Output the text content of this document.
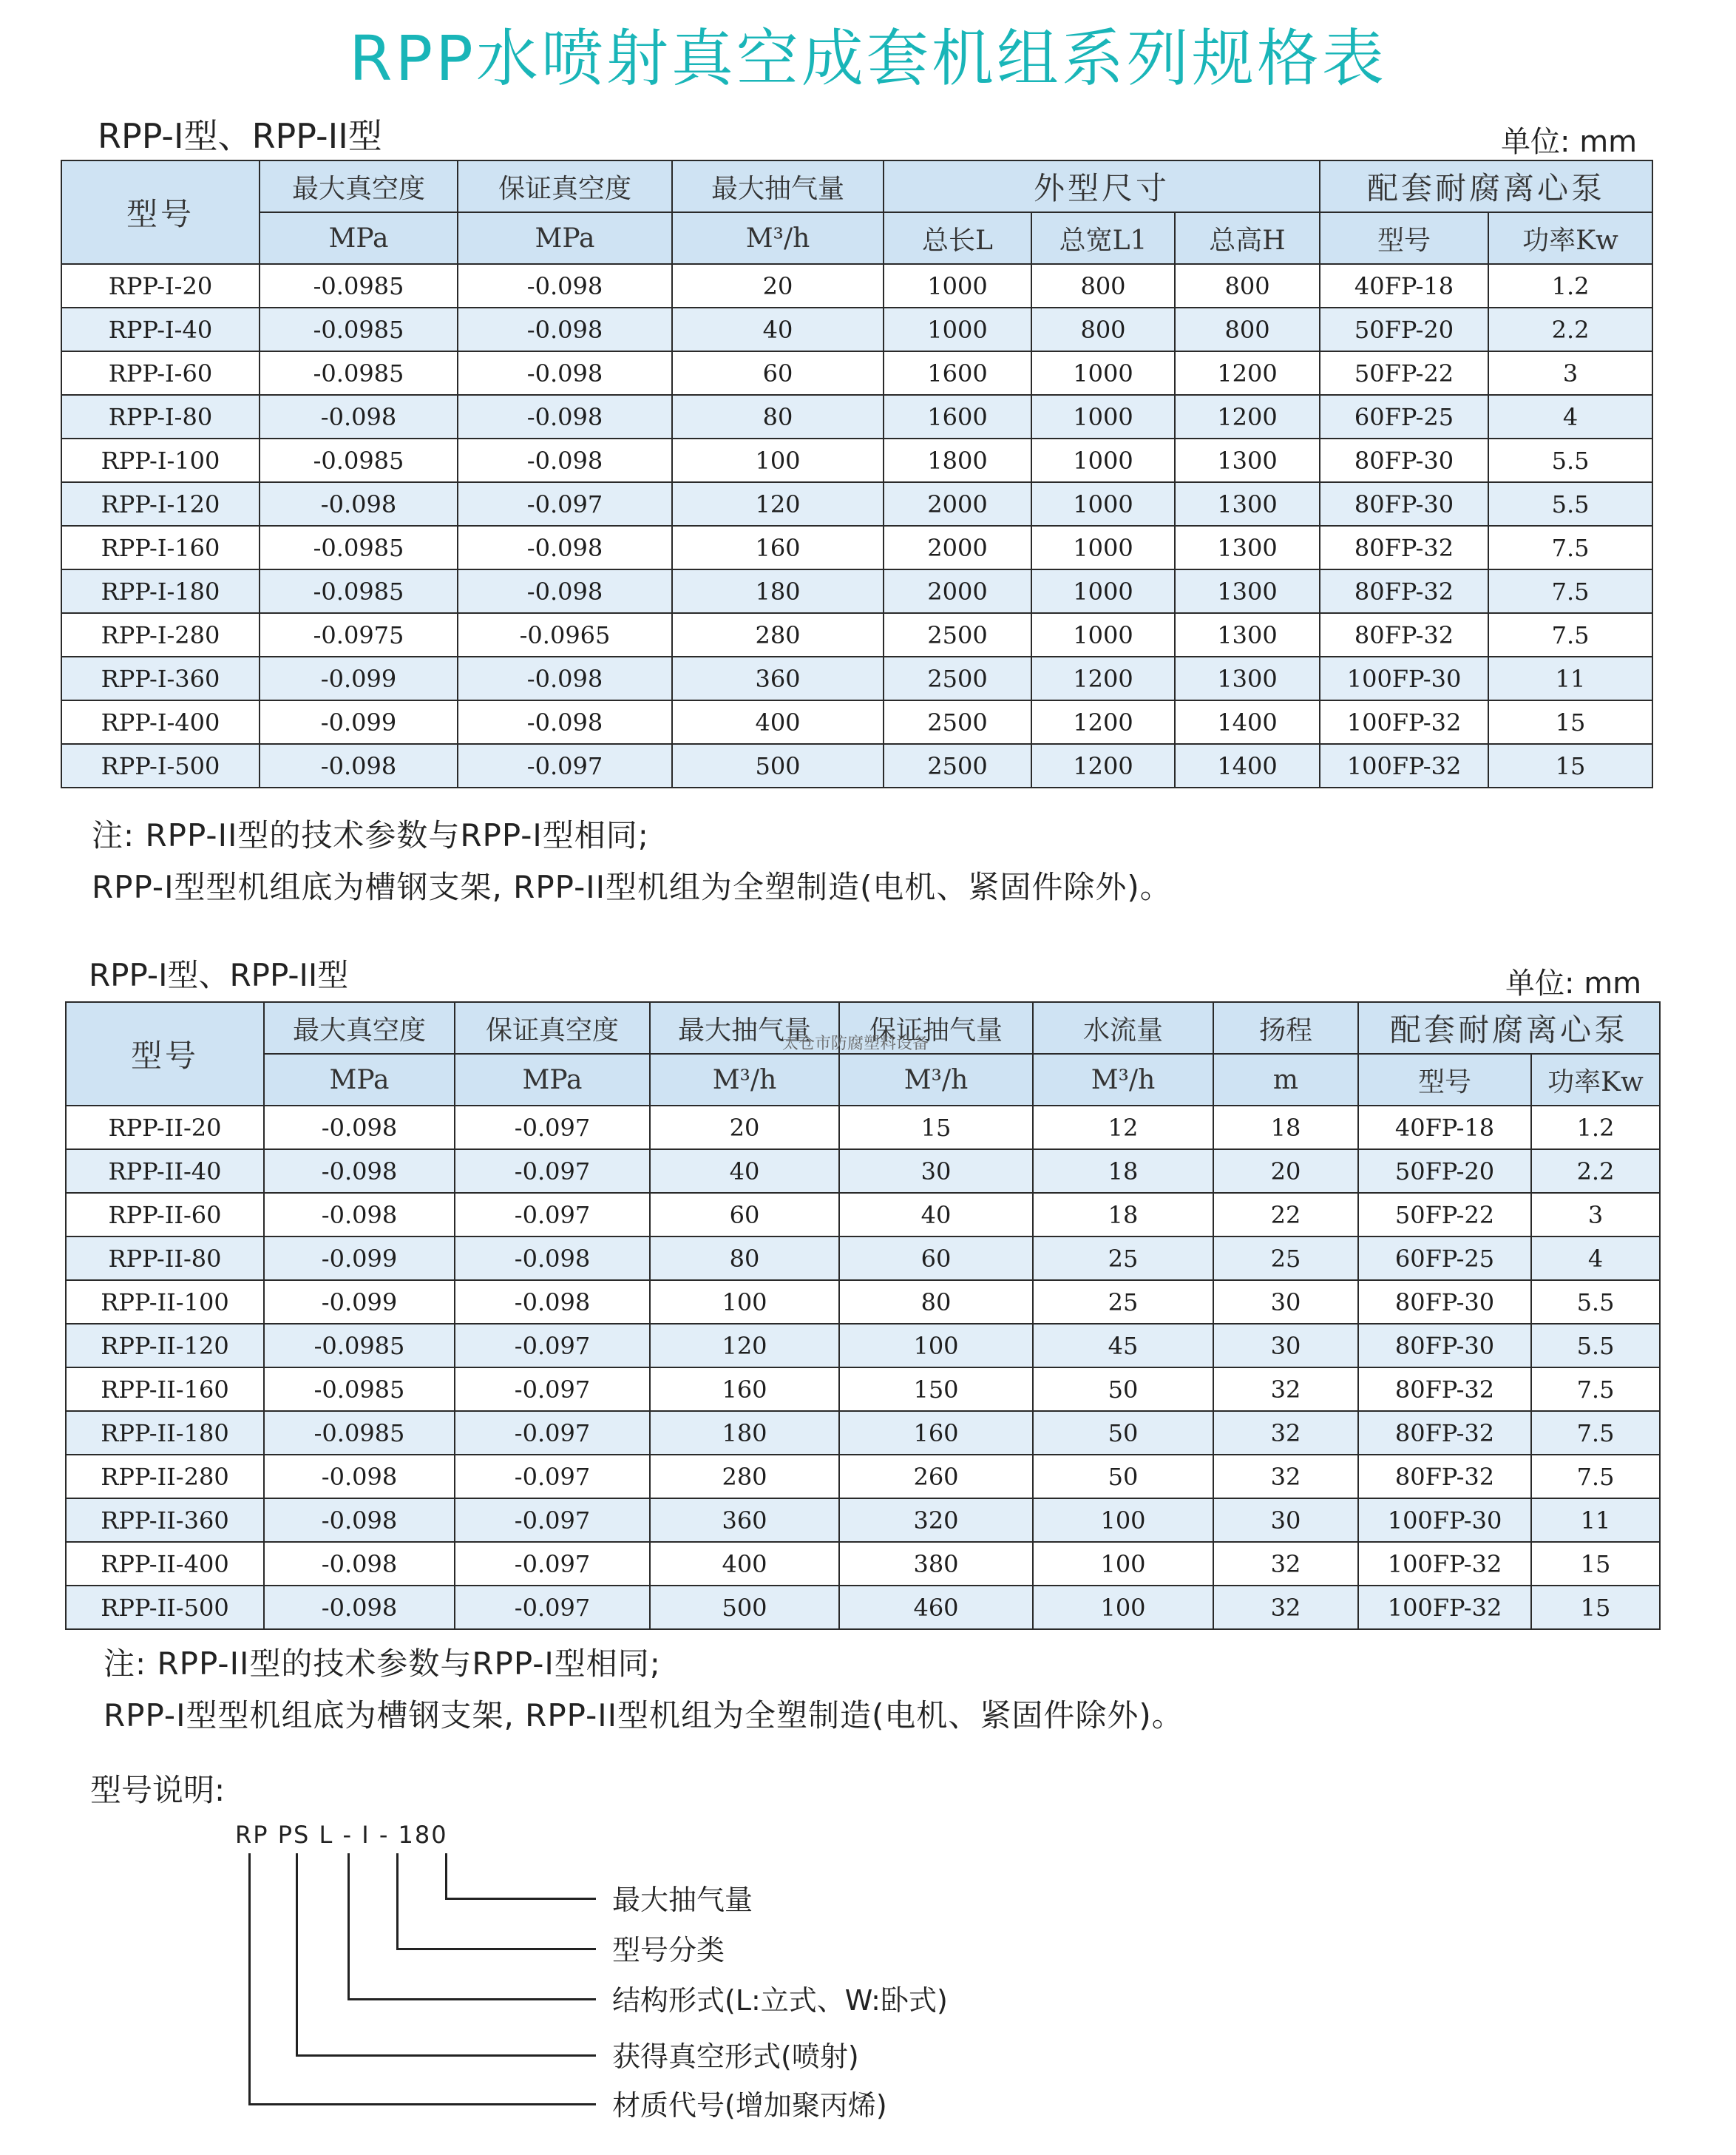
RPP水喷射真空成套机组系列规格表
RPP-I型、RPP-II型	单位: mm
型号	最大真空度	保证真空度	最大抽气量	外型尺寸			配套耐腐离心泵	
	MPa	MPa	M³/h	总长L	总宽L1	总高H	型号	功率Kw
RPP-I-20	-0.0985	-0.098	20	1000	800	800	40FP-18	1.2
RPP-I-40	-0.0985	-0.098	40	1000	800	800	50FP-20	2.2
RPP-I-60	-0.0985	-0.098	60	1600	1000	1200	50FP-22	3
RPP-I-80	-0.098	-0.098	80	1600	1000	1200	60FP-25	4
RPP-I-100	-0.0985	-0.098	100	1800	1000	1300	80FP-30	5.5
RPP-I-120	-0.098	-0.097	120	2000	1000	1300	80FP-30	5.5
RPP-I-160	-0.0985	-0.098	160	2000	1000	1300	80FP-32	7.5
RPP-I-180	-0.0985	-0.098	180	2000	1000	1300	80FP-32	7.5
RPP-I-280	-0.0975	-0.0965	280	2500	1000	1300	80FP-32	7.5
RPP-I-360	-0.099	-0.098	360	2500	1200	1300	100FP-30	11
RPP-I-400	-0.099	-0.098	400	2500	1200	1400	100FP-32	15
RPP-I-500	-0.098	-0.097	500	2500	1200	1400	100FP-32	15
注: RPP-II型的技术参数与RPP-I型相同;
RPP-I型型机组底为槽钢支架, RPP-II型机组为全塑制造(电机、紧固件除外)。
RPP-I型、RPP-II型	单位: mm
型号	最大真空度	保证真空度	最大抽气量	保证抽气量	水流量	扬程	配套耐腐离心泵	
	MPa	MPa	M³/h	M³/h	M³/h	m	型号	功率Kw
RPP-II-20	-0.098	-0.097	20	15	12	18	40FP-18	1.2
RPP-II-40	-0.098	-0.097	40	30	18	20	50FP-20	2.2
RPP-II-60	-0.098	-0.097	60	40	18	22	50FP-22	3
RPP-II-80	-0.099	-0.098	80	60	25	25	60FP-25	4
RPP-II-100	-0.099	-0.098	100	80	25	30	80FP-30	5.5
RPP-II-120	-0.0985	-0.097	120	100	45	30	80FP-30	5.5
RPP-II-160	-0.0985	-0.097	160	150	50	32	80FP-32	7.5
RPP-II-180	-0.0985	-0.097	180	160	50	32	80FP-32	7.5
RPP-II-280	-0.098	-0.097	280	260	50	32	80FP-32	7.5
RPP-II-360	-0.098	-0.097	360	320	100	30	100FP-30	11
RPP-II-400	-0.098	-0.097	400	380	100	32	100FP-32	15
RPP-II-500	-0.098	-0.097	500	460	100	32	100FP-32	15
太仓市防腐塑料设备
注: RPP-II型的技术参数与RPP-I型相同;
RPP-I型型机组底为槽钢支架, RPP-II型机组为全塑制造(电机、紧固件除外)。
型号说明:
RP PS L - I - 180
最大抽气量
型号分类
结构形式(L:立式、W:卧式)
获得真空形式(喷射)
材质代号(增加聚丙烯)
